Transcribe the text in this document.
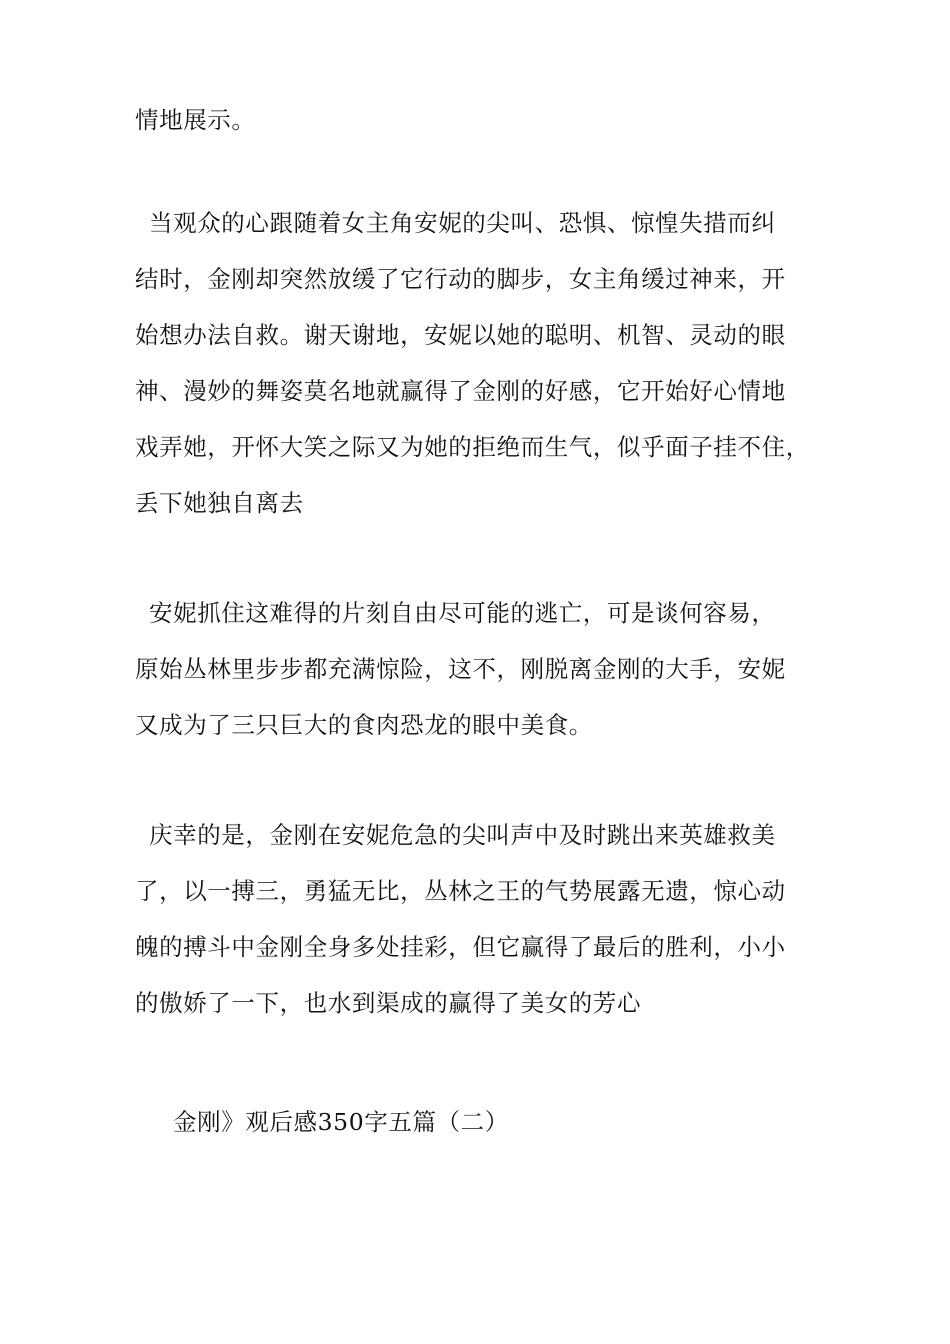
情地展示。
当观众的心跟随着女主角安妮的尖叫、恐惧、惊惶失措而纠
结时，金刚却突然放缓了它行动的脚步，女主角缓过神来，开
始想办法自救。谢天谢地，安妮以她的聪明、机智、灵动的眼
神、漫妙的舞姿莫名地就赢得了金刚的好感，它开始好心情地
戏弄她，开怀大笑之际又为她的拒绝而生气，似乎面子挂不住，
丢下她独自离去
安妮抓住这难得的片刻自由尽可能的逃亡，可是谈何容易，
原始丛林里步步都充满惊险，这不，刚脱离金刚的大手，安妮
又成为了三只巨大的食肉恐龙的眼中美食。
庆幸的是，金刚在安妮危急的尖叫声中及时跳出来英雄救美
了，以一搏三，勇猛无比，丛林之王的气势展露无遗，惊心动
魄的搏斗中金刚全身多处挂彩，但它赢得了最后的胜利，小小
的傲娇了一下，也水到渠成的赢得了美女的芳心
金刚》观后感350字五篇（二）
